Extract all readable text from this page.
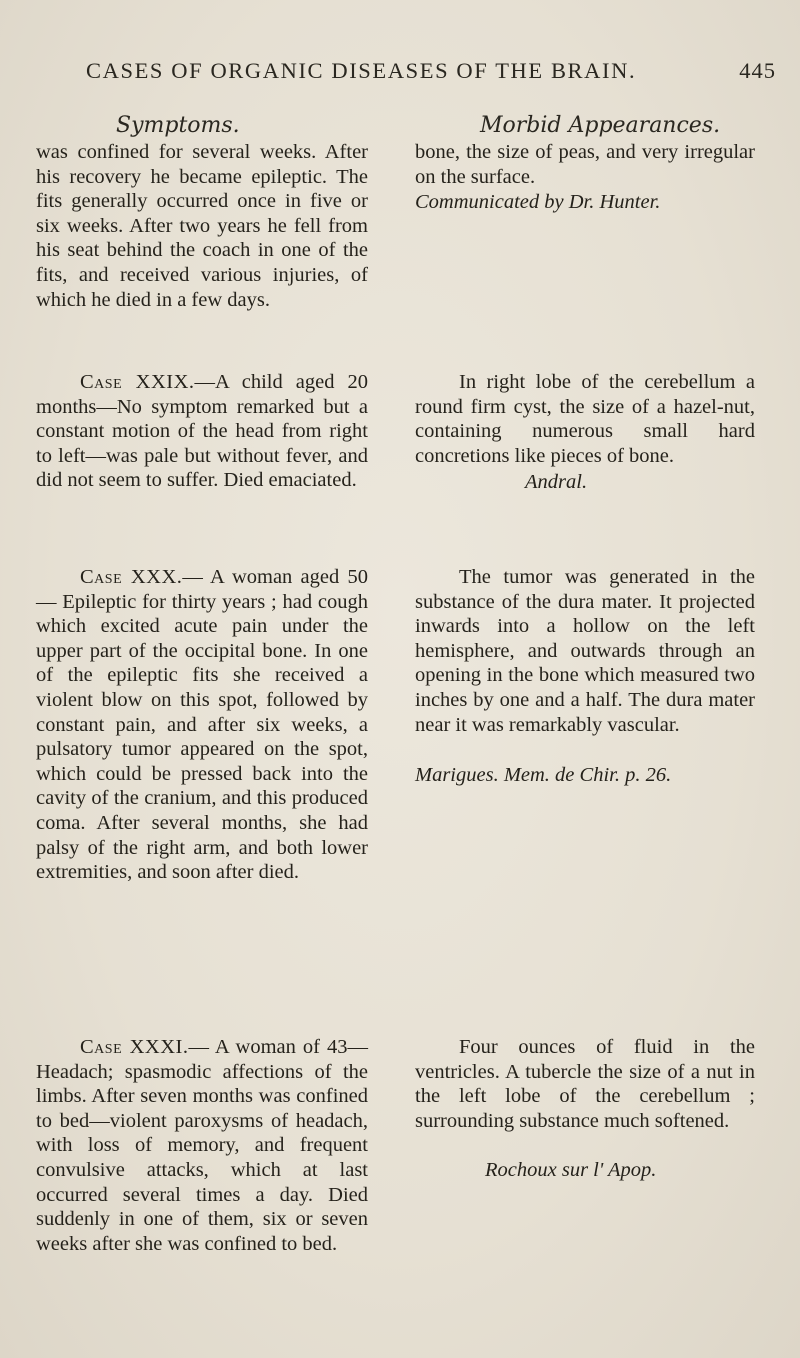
CASES OF ORGANIC DISEASES OF THE BRAIN.	445
Symptoms.	Morbid Appearances.

was confined for several weeks. After his recovery he became epileptic. The fits generally occurred once in five or six weeks. After two years he fell from his seat behind the coach in one of the fits, and received various injuries, of which he died in a few days.

bone, the size of peas, and very irregular on the surface.

Communicated by Dr. Hunter.

Case XXIX.—A child aged 20 months—No symptom remarked but a constant motion of the head from right to left—was pale but without fever, and did not seem to suffer. Died emaciated.

In right lobe of the cerebellum a round firm cyst, the size of a hazel-nut, containing numerous small hard concretions like pieces of bone.

Andral.

Case XXX.— A woman aged 50— Epileptic for thirty years ; had cough which excited acute pain under the upper part of the occipital bone. In one of the epileptic fits she received a violent blow on this spot, followed by constant pain, and after six weeks, a pulsatory tumor appeared on the spot, which could be pressed back into the cavity of the cranium, and this produced coma. After several months, she had palsy of the right arm, and both lower extremities, and soon after died.

The tumor was generated in the substance of the dura mater. It projected inwards into a hollow on the left hemisphere, and outwards through an opening in the bone which measured two inches by one and a half. The dura mater near it was remarkably vascular.

Marigues. Mem. de Chir. p. 26.

Case XXXI.— A woman of 43—Headach; spasmodic affections of the limbs. After seven months was confined to bed—violent paroxysms of headach, with loss of memory, and frequent convulsive attacks, which at last occurred several times a day. Died suddenly in one of them, six or seven weeks after she was confined to bed.

Four ounces of fluid in the ventricles. A tubercle the size of a nut in the left lobe of the cerebellum ; surrounding substance much softened.

Rochoux sur l' Apop.
